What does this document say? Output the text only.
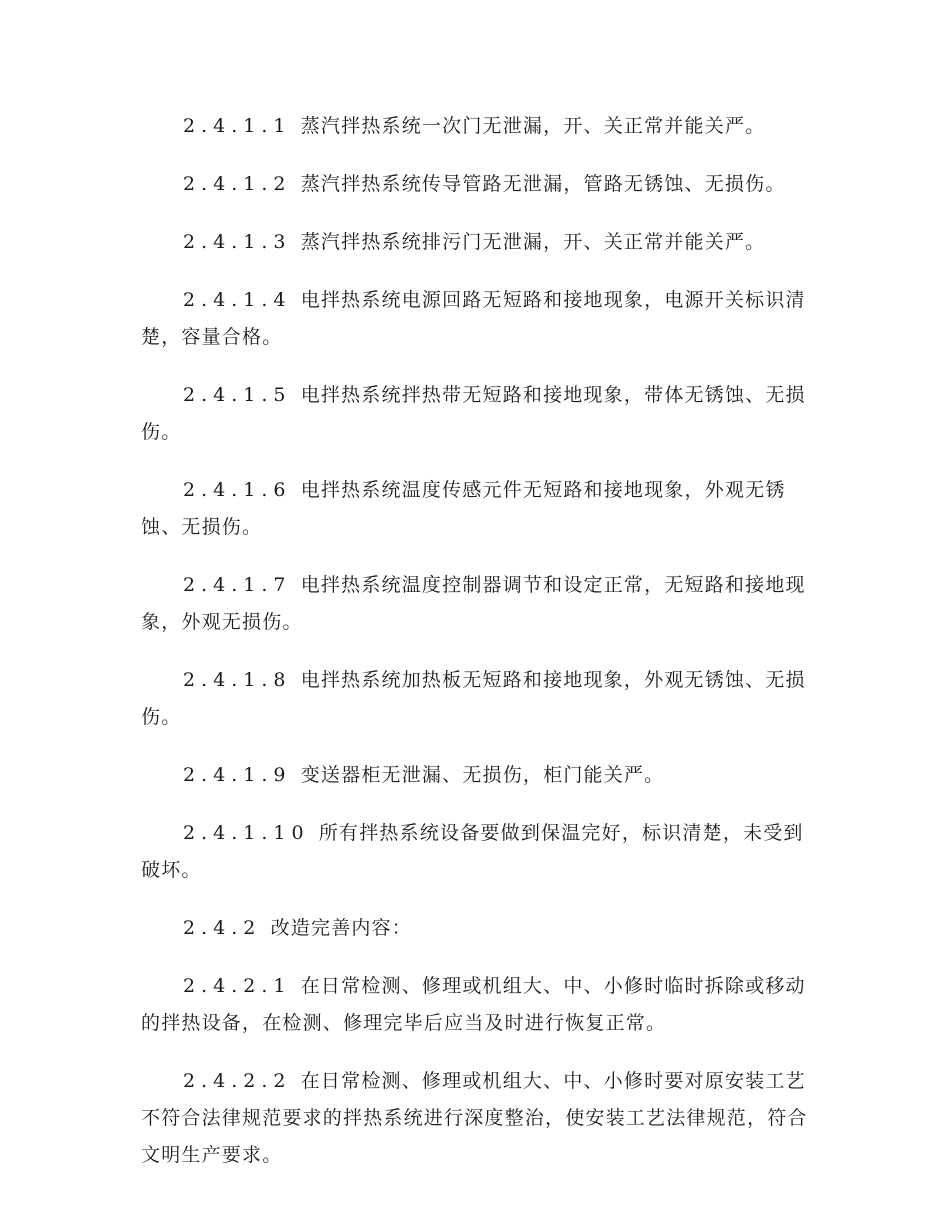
2.4.1.1 蒸汽拌热系统一次门无泄漏，开、关正常并能关严。

2.4.1.2 蒸汽拌热系统传导管路无泄漏，管路无锈蚀、无损伤。

2.4.1.3 蒸汽拌热系统排污门无泄漏，开、关正常并能关严。

2.4.1.4 电拌热系统电源回路无短路和接地现象，电源开关标识清楚，容量合格。

2.4.1.5 电拌热系统拌热带无短路和接地现象，带体无锈蚀、无损伤。

2.4.1.6 电拌热系统温度传感元件无短路和接地现象，外观无锈蚀、无损伤。

2.4.1.7 电拌热系统温度控制器调节和设定正常，无短路和接地现象，外观无损伤。

2.4.1.8 电拌热系统加热板无短路和接地现象，外观无锈蚀、无损伤。

2.4.1.9 变送器柜无泄漏、无损伤，柜门能关严。

2.4.1.10 所有拌热系统设备要做到保温完好，标识清楚，未受到破坏。

2.4.2 改造完善内容：

2.4.2.1 在日常检测、修理或机组大、中、小修时临时拆除或移动的拌热设备，在检测、修理完毕后应当及时进行恢复正常。

2.4.2.2 在日常检测、修理或机组大、中、小修时要对原安装工艺不符合法律规范要求的拌热系统进行深度整治，使安装工艺法律规范，符合文明生产要求。
